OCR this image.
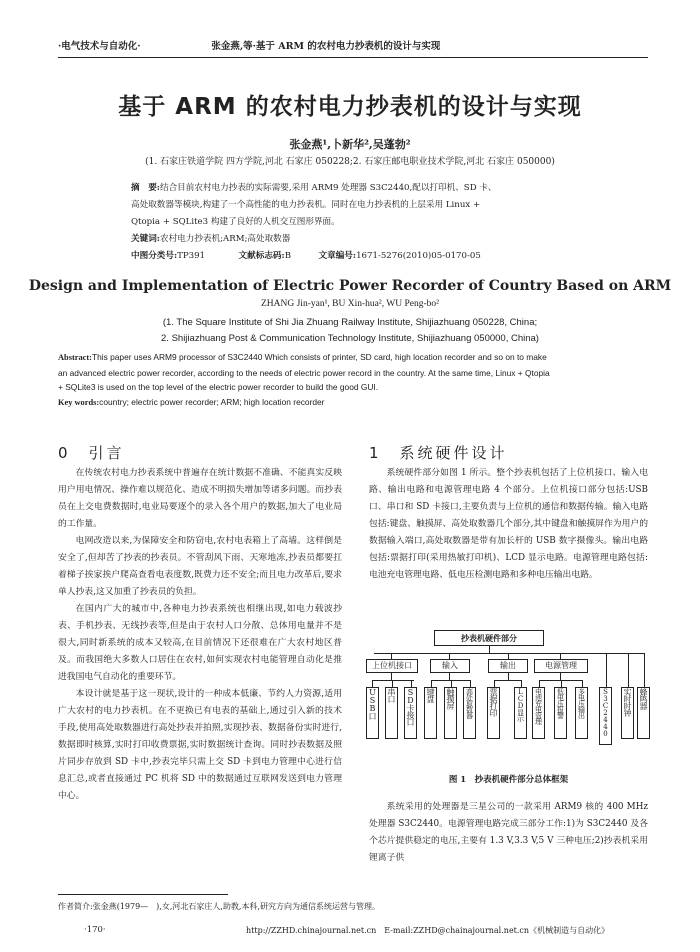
·电气技术与自动化·	张金燕,等·基于 ARM 的农村电力抄表机的设计与实现
基于 ARM 的农村电力抄表机的设计与实现
张金燕¹,卜新华²,吴蓬勃²
(1. 石家庄铁道学院 四方学院,河北 石家庄 050228;2. 石家庄邮电职业技术学院,河北 石家庄 050000)
摘　要:结合目前农村电力抄表的实际需要,采用 ARM9 处理器 S3C2440,配以打印机、SD 卡、
高处取数器等模块,构建了一个高性能的电力抄表机。同时在电力抄表机的上层采用 Linux +
Qtopia + SQLite3 构建了良好的人机交互图形界面。
关键词:农村电力抄表机;ARM;高处取数器
中图分类号:TP391	文献标志码:B	文章编号:1671-5276(2010)05-0170-05
Design and Implementation of Electric Power Recorder of Country Based on ARM
ZHANG Jin-yan¹, BU Xin-hua², WU Peng-bo²
(1. The Square Institute of Shi Jia Zhuang Railway Institute, Shijiazhuang 050228, China;
2. Shijiazhuang Post & Communication Technology Institute, Shijiazhuang 050000, China)
Abstract:This paper uses ARM9 processor of S3C2440 Which consists of printer, SD card, high location recorder and so on to make
an advanced electric power recorder, according to the needs of electric power record in the country. At the same time, Linux + Qtopia
+ SQLite3 is used on the top level of the electric power recorder to build the good GUI.
Key words:country; electric power recorder; ARM; high location recorder
0　引言	1　系统硬件设计

在传统农村电力抄表系统中普遍存在统计数据不准确、不能真实反映用户用电情况、操作难以规范化、造成不明损失增加等诸多问题。而抄表员在上交电费数据时,电业局要逐个的录入各个用户的数据,加大了电业局的工作量。

电网改造以来,为保障安全和防窃电,农村电表箱上了高墙。这样倒是安全了,但却苦了抄表的抄表员。不管刮风下雨、天寒地冻,抄表员都要扛着梯子挨家挨户爬高查看电表度数,既费力还不安全;而且电力改革后,要求单人抄表,这又加重了抄表员的负担。

在国内广大的城市中,各种电力抄表系统也相继出现,如电力载波抄表、手机抄表、无线抄表等,但是由于农村人口分散、总体用电量并不是很大,同时新系统的成本又较高,在目前情况下还很难在广大农村地区普及。而我国绝大多数人口居住在农村,如何实现农村电能管理自动化是推进我国电气自动化的重要环节。

本设计就是基于这一现状,设计的一种成本低廉、节约人力资源,适用广大农村的电力抄表机。在不更换已有电表的基础上,通过引入新的技术手段,使用高处取数器进行高处抄表并拍照,实现抄表、数据备份实时进行,数据即时核算,实时打印收费票据,实时数据统计查询。同时抄表数据及照片同步存放到 SD 卡中,抄表完毕只需上交 SD 卡到电力管理中心进行信息汇总,或者直接通过 PC 机将 SD 中的数据通过互联网发送到电力管理中心。

系统硬件部分如图 1 所示。整个抄表机包括了上位机接口、输入电路、输出电路和电源管理电路 4 个部分。上位机接口部分包括:USB 口、串口和 SD 卡接口,主要负责与上位机的通信和数据传输。输入电路包括:键盘、触摸屏、高处取数器几个部分,其中键盘和触摸屏作为用户的数据输入端口,高处取数器是带有加长杆的 USB 数字摄像头。输出电路包括:票据打印(采用热敏打印机)、LCD 显示电路。电源管理电路包括:电池充电管理电路、低电压检测电路和多种电压输出电路。

抄表机硬件部分
上位机接口	输入	输出	电源管理
USB口 串口 SD卡接口 键盘 触摸屏	高处取数器	票据打印	LCD显示	电池充电管理	低电压报警	多电压输出	S3C2440	实时时钟 蜂鸣器
图 1　抄表机硬件部分总体框架

系统采用的处理器是三星公司的一款采用 ARM9 核的 400 MHz 处理器 S3C2440。电源管理电路完成三部分工作:1)为 S3C2440 及各个芯片提供稳定的电压,主要有 1.3 V,3.3 V,5 V 三种电压;2)抄表机采用锂离子供

作者简介:张金燕(1979—　),女,河北石家庄人,助教,本科,研究方向为通信系统运营与管理。
·170·	http://ZZHD.chinajournal.net.cn　E-mail:ZZHD@chainajournal.net.cn《机械制造与自动化》
